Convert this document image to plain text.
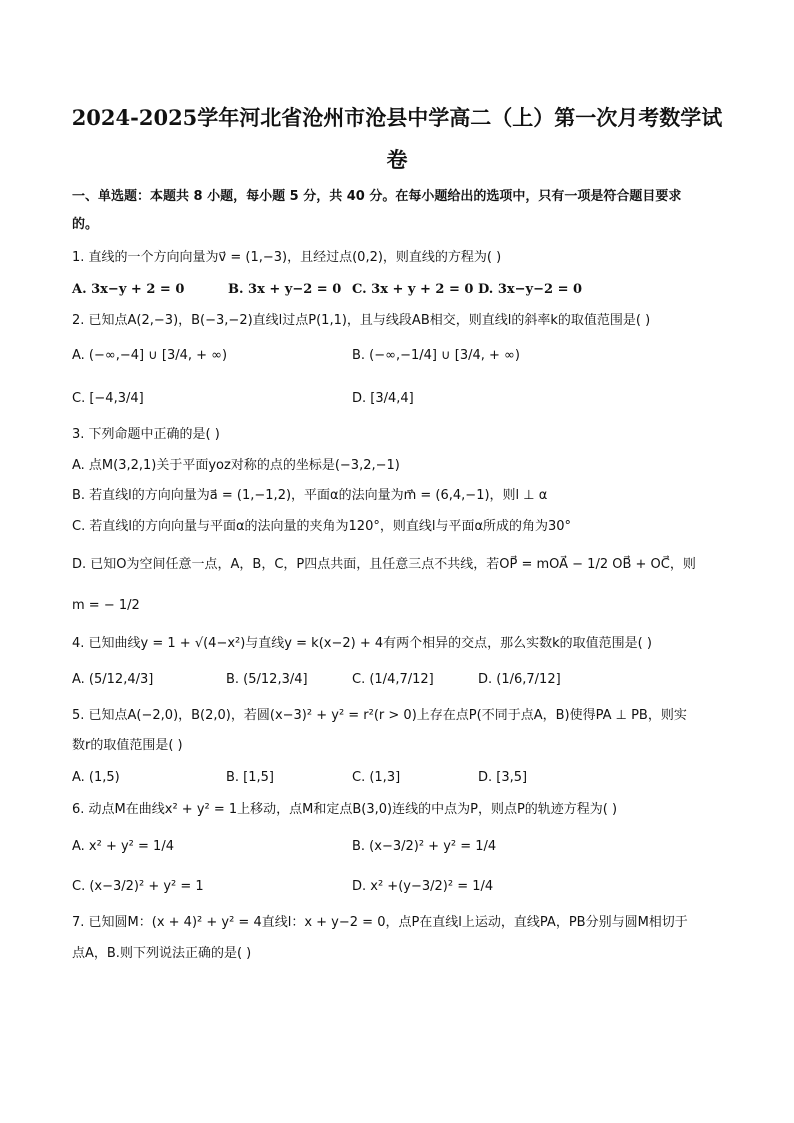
2024-2025学年河北省沧州市沧县中学高二（上）第一次月考数学试
卷
一、单选题：本题共 8 小题，每小题 5 分，共 40 分。在每小题给出的选项中，只有一项是符合题目要求
的。
1. 直线的一个方向向量为v⃗ = (1,−3)，且经过点(0,2)，则直线的方程为( )
A. 3x−y + 2 = 0	B. 3x + y−2 = 0 C. 3x + y + 2 = 0 D. 3x−y−2 = 0
2. 已知点A(2,−3)，B(−3,−2)直线l过点P(1,1)，且与线段AB相交，则直线l的斜率k的取值范围是( )
A. (−∞,−4] ∪ [3/4, + ∞)	B. (−∞,−1/4] ∪ [3/4, + ∞)
C. [−4,3/4]	D. [3/4,4]
3. 下列命题中正确的是( )
A. 点M(3,2,1)关于平面yoz对称的点的坐标是(−3,2,−1)
B. 若直线l的方向向量为a⃗ = (1,−1,2)，平面α的法向量为m⃗ = (6,4,−1)，则l ⊥ α
C. 若直线l的方向向量与平面α的法向量的夹角为120°，则直线l与平面α所成的角为30°
D. 已知O为空间任意一点，A，B，C，P四点共面，且任意三点不共线，若OP⃗ = mOA⃗ − 1/2 OB⃗ + OC⃗，则
m = − 1/2
4. 已知曲线y = 1 + √(4−x²)与直线y = k(x−2) + 4有两个相异的交点，那么实数k的取值范围是( )
A. (5/12,4/3]	B. (5/12,3/4]	C. (1/4,7/12]	D. (1/6,7/12]
5. 已知点A(−2,0)，B(2,0)，若圆(x−3)² + y² = r²(r > 0)上存在点P(不同于点A，B)使得PA ⊥ PB，则实
数r的取值范围是( )
A. (1,5)	B. [1,5]	C. (1,3]	D. [3,5]
6. 动点M在曲线x² + y² = 1上移动，点M和定点B(3,0)连线的中点为P，则点P的轨迹方程为( )
A. x² + y² = 1/4	B. (x−3/2)² + y² = 1/4
C. (x−3/2)² + y² = 1	D. x² +(y−3/2)² = 1/4
7. 已知圆M：(x + 4)² + y² = 4直线l：x + y−2 = 0，点P在直线l上运动，直线PA，PB分别与圆M相切于
点A，B.则下列说法正确的是( )
